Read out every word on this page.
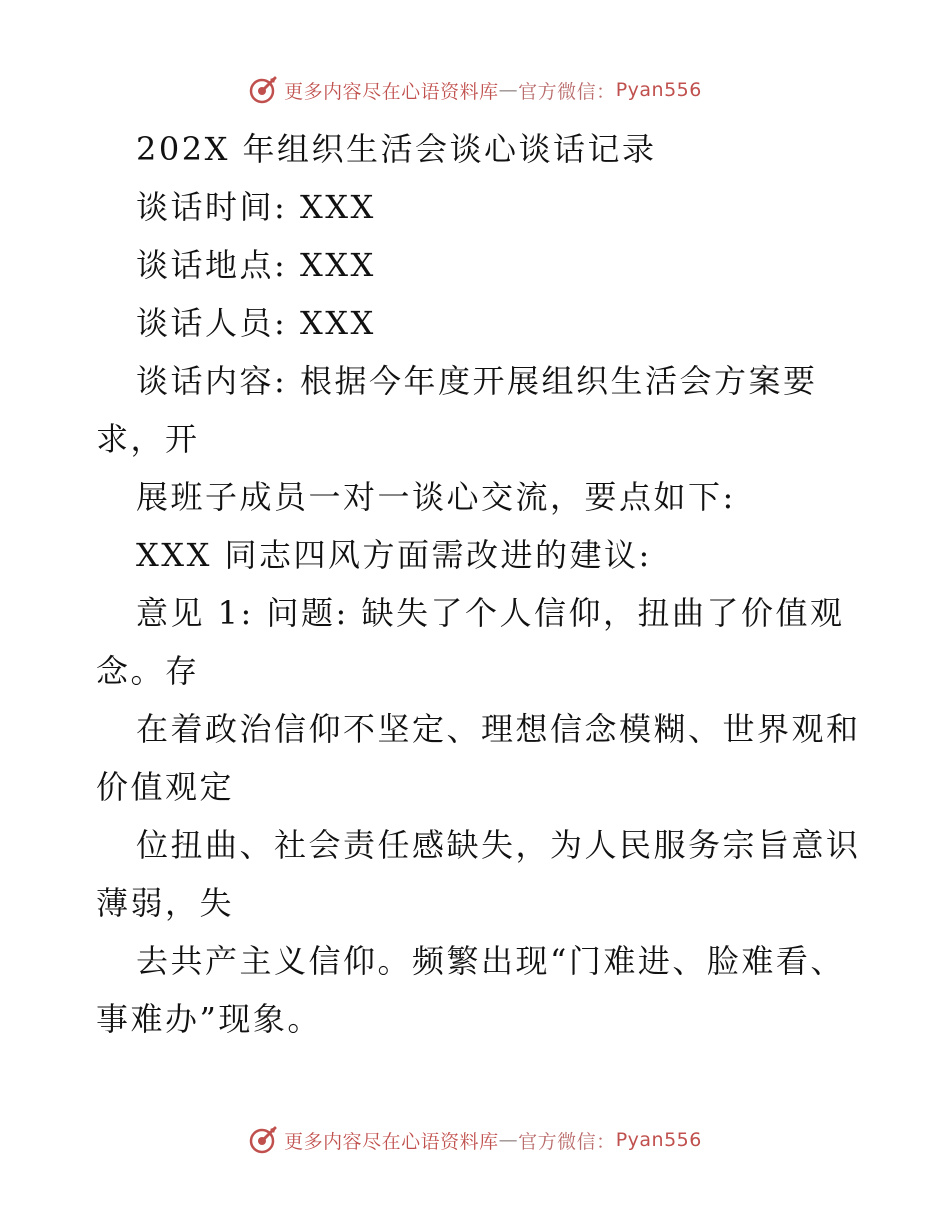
更多内容尽在心语资料库 — 官方微信： Pyan556
202X 年组织生活会谈心谈话记录
谈话时间: XXX
谈话地点: XXX
谈话人员: XXX
谈话内容: 根据今年度开展组织生活会方案要
求，开
展班子成员一对一谈心交流，要点如下:
XXX 同志四风方面需改进的建议:
意见 1: 问题: 缺失了个人信仰，扭曲了价值观
念。存
在着政治信仰不坚定、理想信念模糊、世界观和
价值观定
位扭曲、社会责任感缺失，为人民服务宗旨意识
薄弱，失
去共产主义信仰。频繁出现“门难进、脸难看、
事难办”现象。
更多内容尽在心语资料库 — 官方微信： Pyan556
